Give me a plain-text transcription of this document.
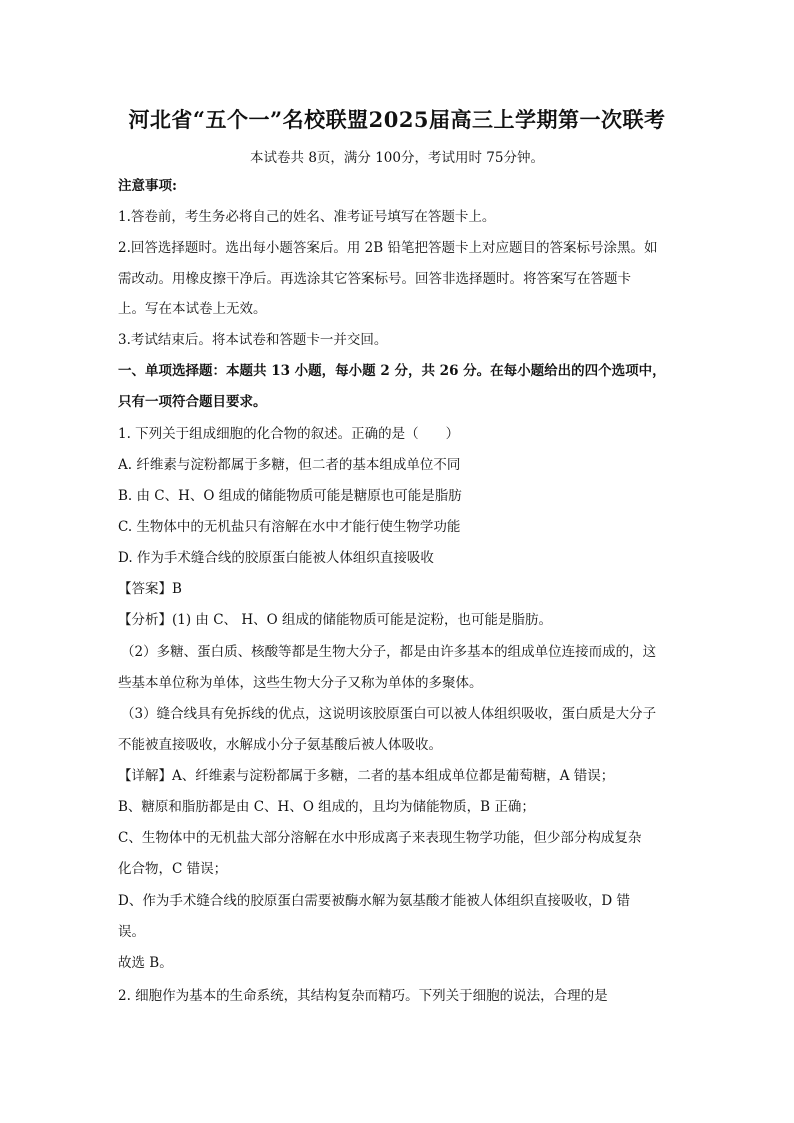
河北省“五个一”名校联盟2025届高三上学期第一次联考
本试卷共 8页，满分 100分，考试用时 75分钟。
注意事项:
1.答卷前，考生务必将自己的姓名、准考证号填写在答题卡上。
2.回答选择题时。选出每小题答案后。用 2B 铅笔把答题卡上对应题目的答案标号涂黑。如
需改动。用橡皮擦干净后。再选涂其它答案标号。回答非选择题时。将答案写在答题卡
上。写在本试卷上无效。
3.考试结束后。将本试卷和答题卡一并交回。
一、单项选择题：本题共 13 小题，每小题 2 分，共 26 分。在每小题给出的四个选项中，
只有一项符合题目要求。
1. 下列关于组成细胞的化合物的叙述。正确的是（　　）
A. 纤维素与淀粉都属于多糖，但二者的基本组成单位不同
B. 由 C、H、O 组成的储能物质可能是糖原也可能是脂肪
C. 生物体中的无机盐只有溶解在水中才能行使生物学功能
D. 作为手术缝合线的胶原蛋白能被人体组织直接吸收
【答案】B
【分析】(1) 由 C、 H、O 组成的储能物质可能是淀粉，也可能是脂肪。
（2）多糖、蛋白质、核酸等都是生物大分子，都是由许多基本的组成单位连接而成的，这
些基本单位称为单体，这些生物大分子又称为单体的多聚体。
（3）缝合线具有免拆线的优点，这说明该胶原蛋白可以被人体组织吸收，蛋白质是大分子
不能被直接吸收，水解成小分子氨基酸后被人体吸收。
【详解】A、纤维素与淀粉都属于多糖，二者的基本组成单位都是葡萄糖，A 错误；
B、糖原和脂肪都是由 C、H、O 组成的，且均为储能物质，B 正确；
C、生物体中的无机盐大部分溶解在水中形成离子来表现生物学功能，但少部分构成复杂
化合物，C 错误；
D、作为手术缝合线的胶原蛋白需要被酶水解为氨基酸才能被人体组织直接吸收，D 错
误。
故选 B。
2. 细胞作为基本的生命系统，其结构复杂而精巧。下列关于细胞的说法，合理的是
